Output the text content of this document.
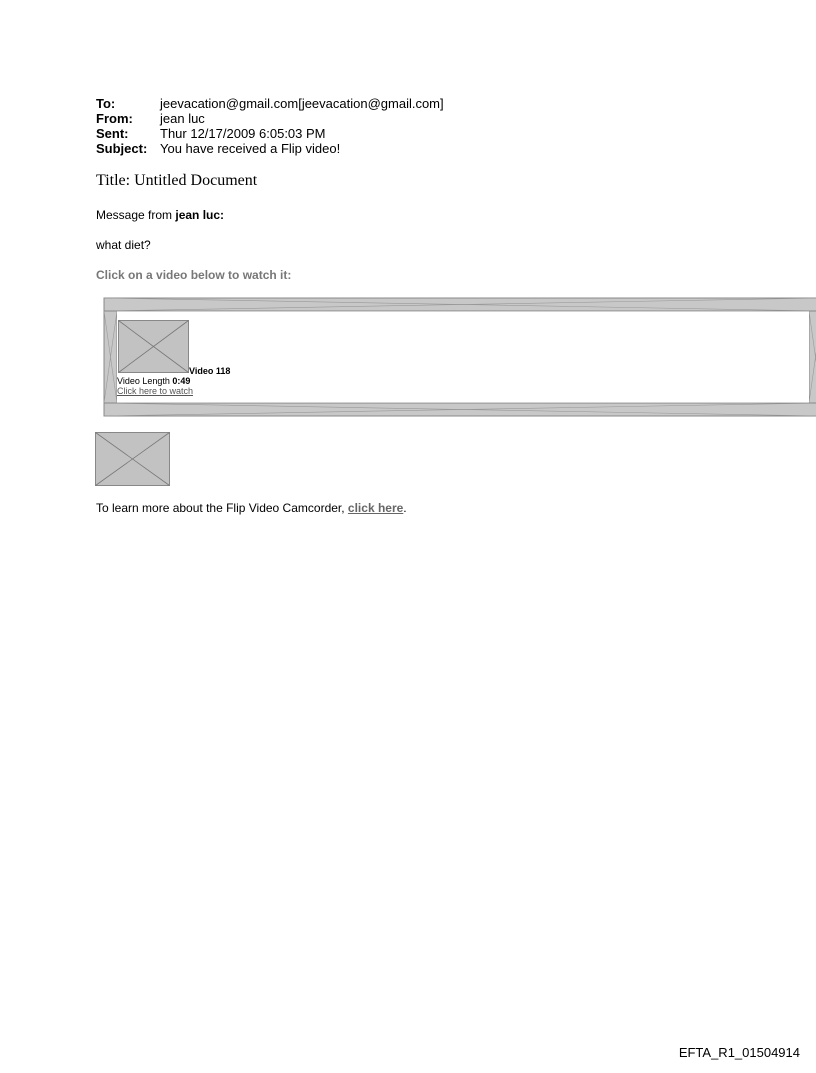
To:	jeevacation@gmail.com[jeevacation@gmail.com]
From:	jean luc
Sent:	Thur 12/17/2009 6:05:03 PM
Subject: You have received a Flip video!
Title: Untitled Document
Message from jean luc:
what diet?
Click on a video below to watch it:
Video 118
Video Length 0:49
Click here to watch
To learn more about the Flip Video Camcorder, click here.
EFTA_R1_01504914
